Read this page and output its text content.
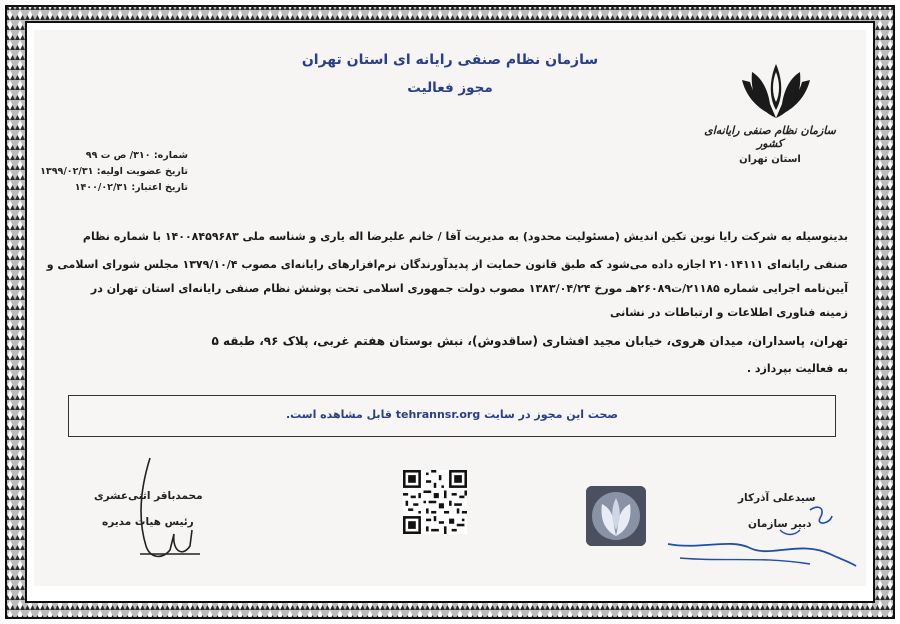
سازمان نظام صنفی رایانه ای استان تهران
مجوز فعالیت
سازمان نظام صنفی رایانه‌ای کشور
استان تهران
شماره: ۳۱۰/ ص ت ۹۹
تاریخ عضویت اولیه: ۱۳۹۹/۰۲/۳۱
تاریخ اعتبار: ۱۴۰۰/۰۲/۳۱
بدینوسیله به شرکت رایا نوین تکین اندیش (مسئولیت محدود) به مدیریت آقا / خانم علیرضا اله یاری و شناسه ملی ۱۴۰۰۸۴۵۹۶۸۳ با شماره نظام
صنفی رایانه‌ای ۲۱۰۱۴۱۱۱ اجازه داده می‌شود که طبق قانون حمایت از پدیدآورندگان نرم‌افزارهای رایانه‌ای مصوب ۱۳۷۹/۱۰/۴ مجلس شورای اسلامی و
آیین‌نامه اجرایی شماره ۲۱۱۸۵/ت۲۶۰۸۹هـ مورخ ۱۳۸۳/۰۴/۲۴ مصوب دولت جمهوری اسلامی تحت پوشش نظام صنفی رایانه‌ای استان تهران در
زمینه فناوری اطلاعات و ارتباطات در نشانی
تهران، پاسداران، میدان هروی، خیابان مجید افشاری (ساقدوش)، نبش بوستان هفتم غربی، پلاک ۹۶، طبقه ۵
به فعالیت بپردازد .
صحت این مجوز در سایت tehrannsr.org قابل مشاهده است.
محمدباقر اثنی‌عشری
رئیس هیات مدیره
سیدعلی آذرکار
دبیر سازمان
